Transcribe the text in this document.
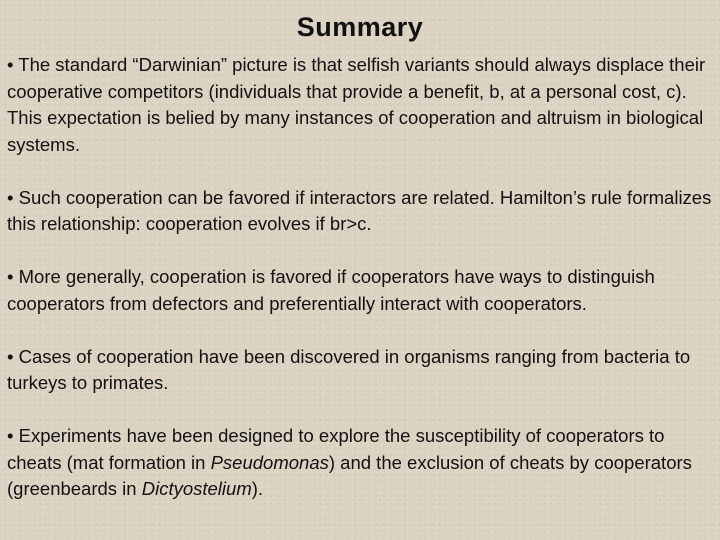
Summary

• The standard “Darwinian” picture is that selfish variants should always displace their cooperative competitors (individuals that provide a benefit, b, at a personal cost, c). This expectation is belied by many instances of cooperation and altruism in biological systems.

• Such cooperation can be favored if interactors are related. Hamilton’s rule formalizes this relationship: cooperation evolves if br>c.

• More generally, cooperation is favored if cooperators have ways to distinguish cooperators from defectors and preferentially interact with cooperators.

• Cases of cooperation have been discovered in organisms ranging from bacteria to turkeys to primates.

• Experiments have been designed to explore the susceptibility of cooperators to cheats (mat formation in Pseudomonas) and the exclusion of cheats by cooperators (greenbeards in Dictyostelium).
